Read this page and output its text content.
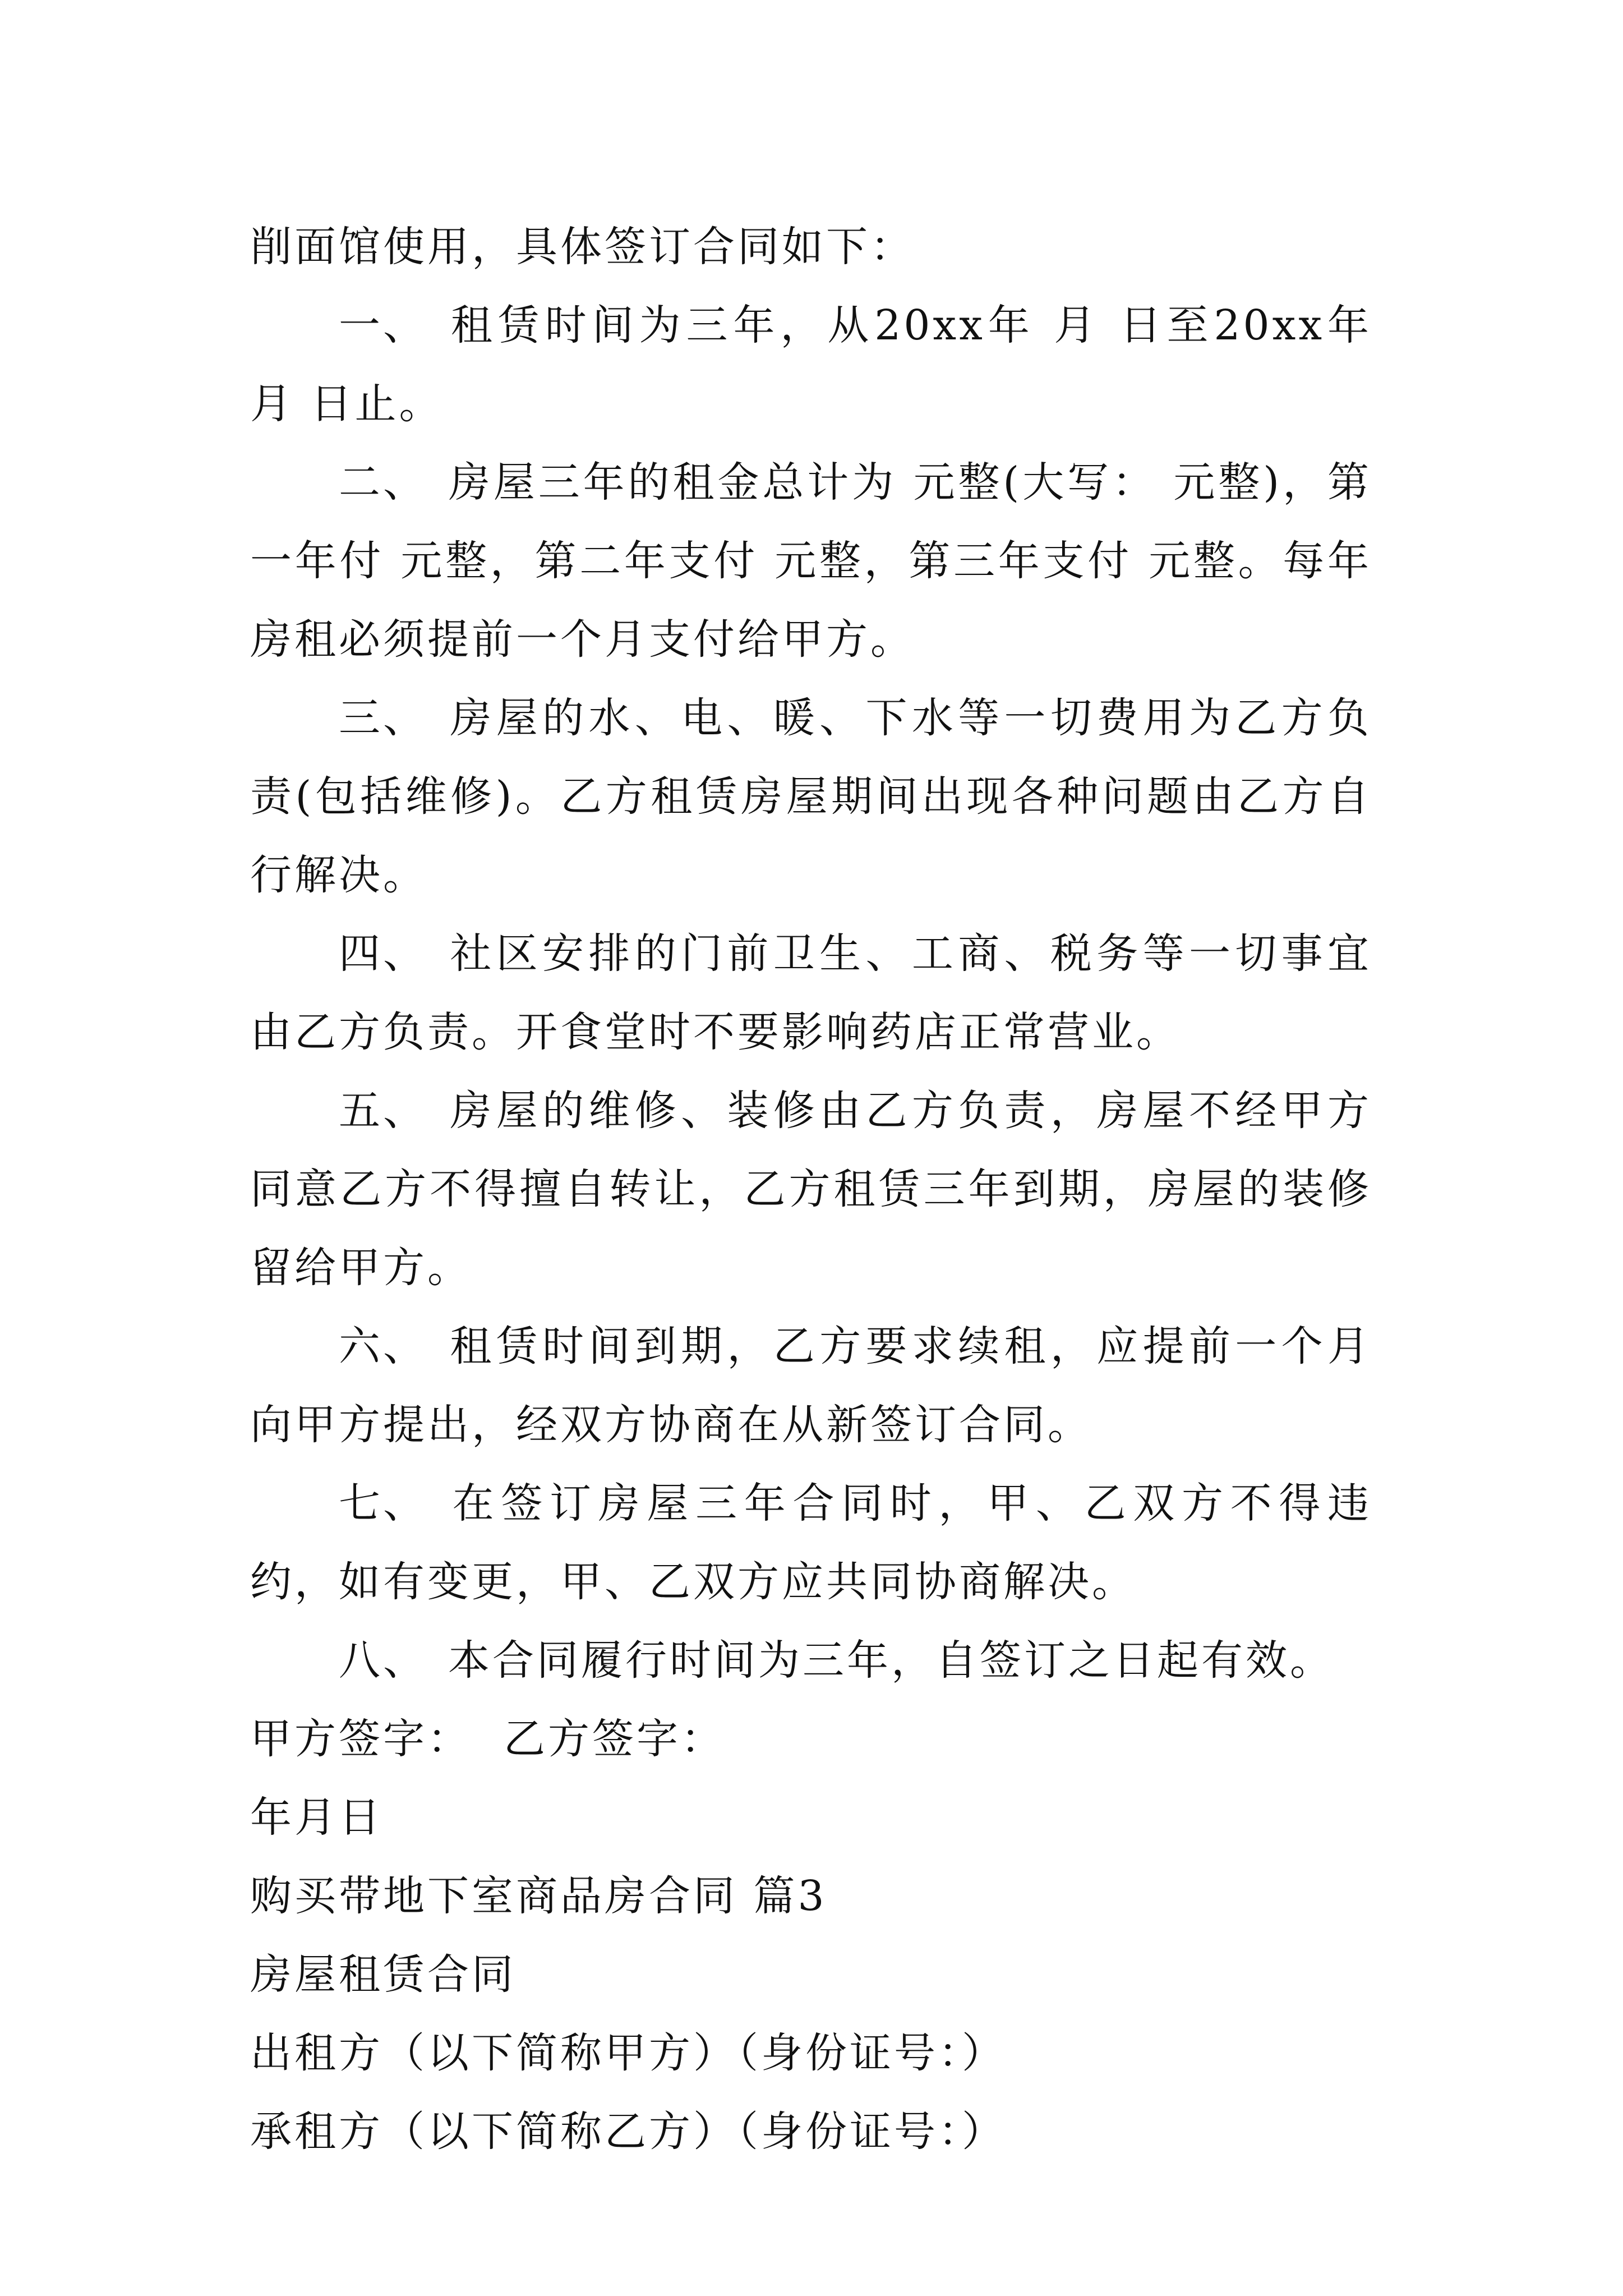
削面馆使用，具体签订合同如下：

一、 租赁时间为三年，从20xx年 月 日至20xx年 月 日止。

二、 房屋三年的租金总计为 元整(大写： 元整)，第一年付 元整，第二年支付 元整，第三年支付 元整。每年房租必须提前一个月支付给甲方。

三、 房屋的水、电、暖、下水等一切费用为乙方负责(包括维修)。乙方租赁房屋期间出现各种问题由乙方自行解决。

四、 社区安排的门前卫生、工商、税务等一切事宜由乙方负责。开食堂时不要影响药店正常营业。

五、 房屋的维修、装修由乙方负责，房屋不经甲方同意乙方不得擅自转让，乙方租赁三年到期，房屋的装修留给甲方。

六、 租赁时间到期，乙方要求续租，应提前一个月向甲方提出，经双方协商在从新签订合同。

七、 在签订房屋三年合同时，甲、乙双方不得违约，如有变更，甲、乙双方应共同协商解决。

八、 本合同履行时间为三年，自签订之日起有效。

甲方签字：  乙方签字：

年月日

购买带地下室商品房合同 篇3

房屋租赁合同

出租方（以下简称甲方）（身份证号：）

承租方（以下简称乙方）（身份证号：）
